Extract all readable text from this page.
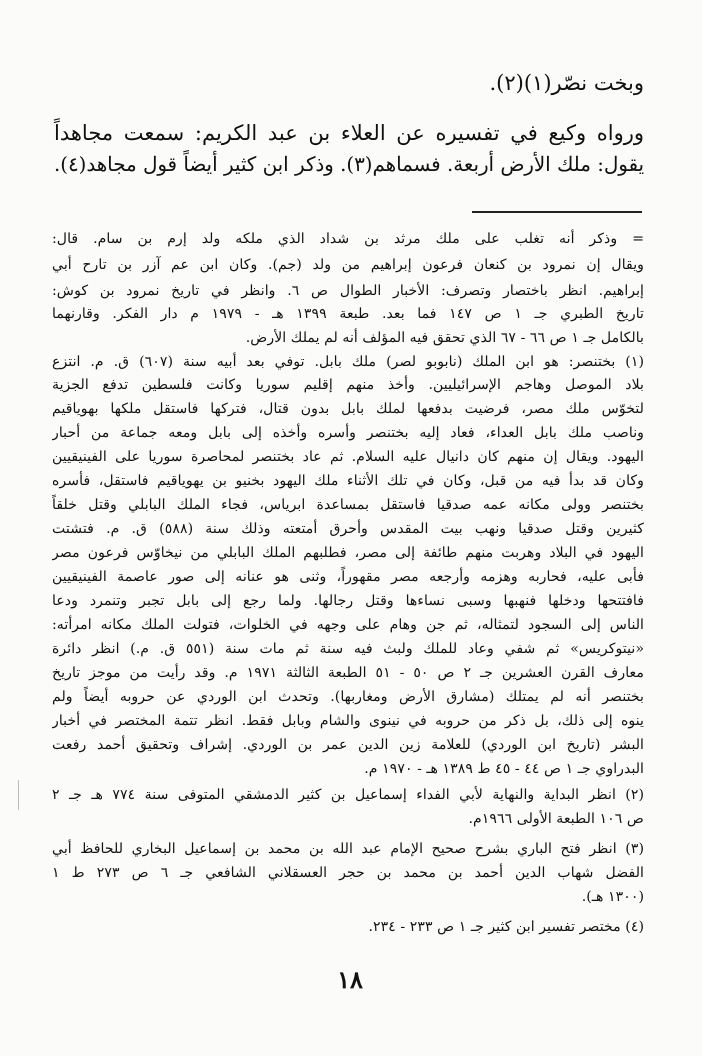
وبخت نصّر(١)(٢).
ورواه وكيع في تفسيره عن العلاء بن عبد الكريم: سمعت مجاهداً
يقول: ملك الأرض أربعة. فسماهم(٣). وذكر ابن كثير أيضاً قول مجاهد(٤).
= وذكر أنه تغلب على ملك مرثد بن شداد الذي ملكه ولد إرم بن سام. قال:
ويقال إن نمرود بن كنعان فرعون إبراهيم من ولد (جم). وكان ابن عم آزر بن تارح أبي
إبراهيم. انظر باختصار وتصرف: الأخبار الطوال ص ٦. وانظر في تاريخ نمرود بن كوش:
تاريخ الطبري جـ ١ ص ١٤٧ فما بعد. طبعة ١٣٩٩ هـ - ١٩٧٩ م دار الفكر. وقارنهما
بالكامل جـ ١ ص ٦٦ - ٦٧ الذي تحقق فيه المؤلف أنه لم يملك الأرض.
(١) بختنصر: هو ابن الملك (نابوبو لصر) ملك بابل. توفي بعد أبيه سنة (٦٠٧) ق. م. انتزع
بلاد الموصل وهاجم الإسرائيليين. وأخذ منهم إقليم سوريا وكانت فلسطين تدفع الجزية
لتخوّس ملك مصر، فرضيت بدفعها لملك بابل بدون قتال، فتركها فاستقل ملكها بهوياقيم
وناصب ملك بابل العداء، فعاد إليه بختنصر وأسره وأخذه إلى بابل ومعه جماعة من أحبار
اليهود. ويقال إن منهم كان دانيال عليه السلام. ثم عاد بختنصر لمحاصرة سوريا على الفينيقيين
وكان قد بدأ فيه من قبل، وكان في تلك الأثناء ملك اليهود بخنيو بن يهوياقيم فاستقل، فأسره
بختنصر وولى مكانه عمه صدقيا فاستقل بمساعدة ابرياس، فجاء الملك البابلي وقتل خلقاً
كثيرين وقتل صدقيا ونهب بيت المقدس وأحرق أمتعته وذلك سنة (٥٨٨) ق. م. فتشتت
اليهود في البلاد وهربت منهم طائفة إلى مصر، فطلبهم الملك البابلي من نيخاوّس فرعون مصر
فأبى عليه، فحاربه وهزمه وأرجعه مصر مقهوراً، وثنى هو عنانه إلى صور عاصمة الفينيقيين
فافتتحها ودخلها فنهبها وسبى نساءها وقتل رجالها. ولما رجع إلى بابل تجبر وتنمرد ودعا
الناس إلى السجود لتمثاله، ثم جن وهام على وجهه في الخلوات، فتولت الملك مكانه امرأته:
«نيتوكريس» ثم شفي وعاد للملك ولبث فيه سنة ثم مات سنة (٥٥١ ق. م.) انظر دائرة
معارف القرن العشرين جـ ٢ ص ٥٠ - ٥١ الطبعة الثالثة ١٩٧١ م. وقد رأيت من موجز تاريخ
بختنصر أنه لم يمتلك (مشارق الأرض ومغاربها). وتحدث ابن الوردي عن حروبه أيضاً ولم
ينوه إلى ذلك، بل ذكر من حروبه في نينوى والشام وبابل فقط. انظر تتمة المختصر في أخبار
البشر (تاريخ ابن الوردي) للعلامة زين الدين عمر بن الوردي. إشراف وتحقيق أحمد رفعت
البدراوي جـ ١ ص ٤٤ - ٤٥ ط ١٣٨٩ هـ - ١٩٧٠ م.
(٢) انظر البداية والنهاية لأبي الفداء إسماعيل بن كثير الدمشقي المتوفى سنة ٧٧٤ هـ جـ ٢
ص ١٠٦ الطبعة الأولى ١٩٦٦م.
(٣) انظر فتح الباري بشرح صحيح الإمام عبد الله بن محمد بن إسماعيل البخاري للحافظ أبي
الفضل شهاب الدين أحمد بن محمد بن حجر العسقلاني الشافعي جـ ٦ ص ٢٧٣ ط ١
(١٣٠٠ هـ).
(٤) مختصر تفسير ابن كثير جـ ١ ص ٢٣٣ - ٢٣٤.
١٨
